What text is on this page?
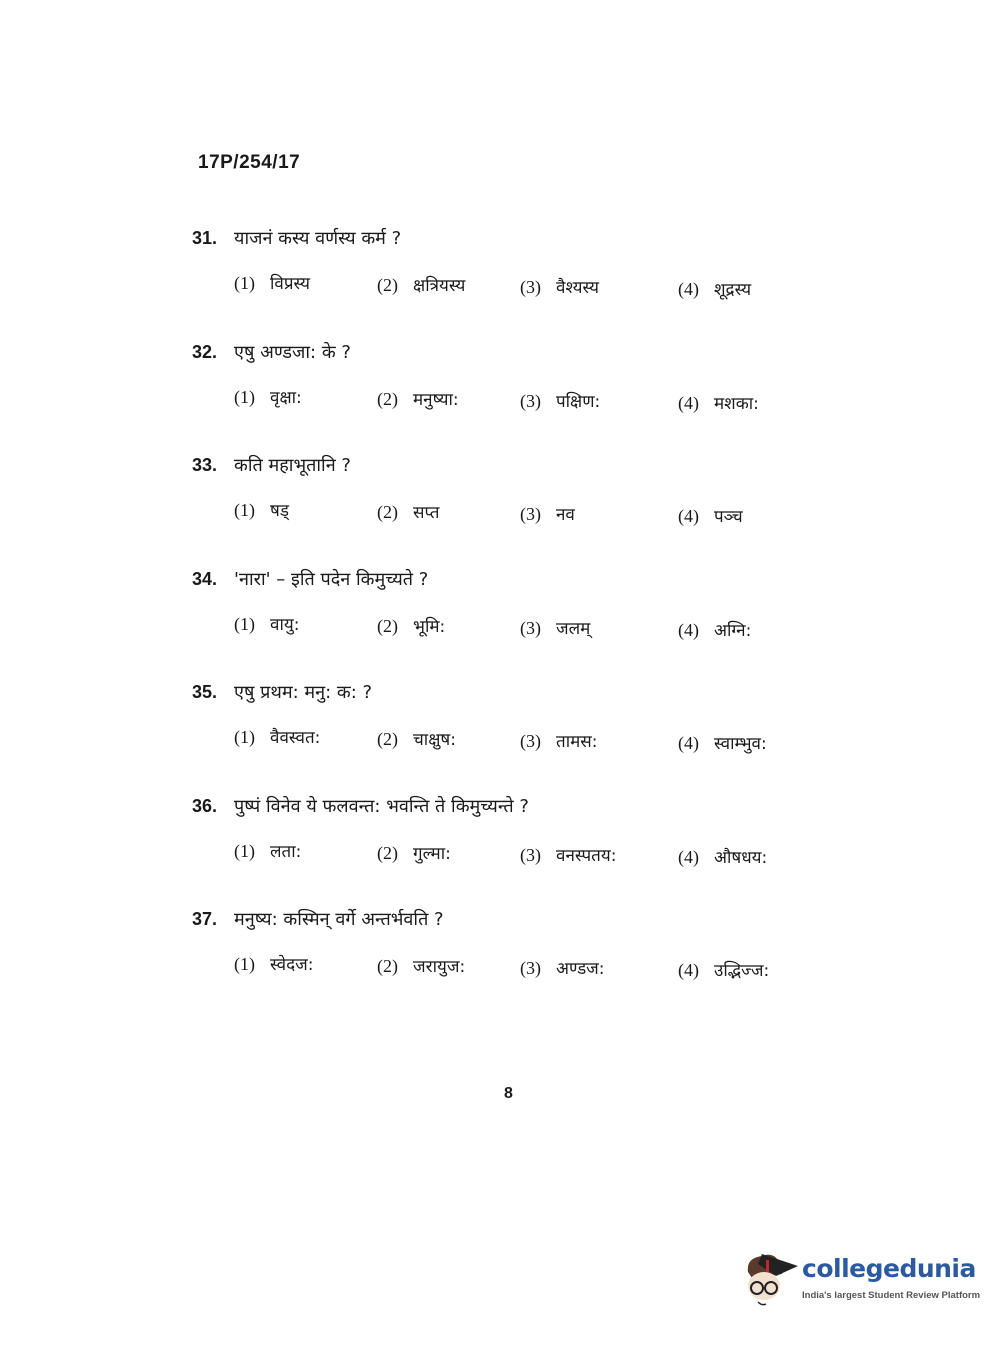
17P/254/17
31. याजनं कस्य वर्णस्य कर्म ?
(1) विप्रस्य	(2) क्षत्रियस्य	(3) वैश्यस्य	(4) शूद्रस्य
32. एषु अण्डजा: के ?
(1) वृक्षा:	(2) मनुष्या:	(3) पक्षिण:	(4) मशका:
33. कति महाभूतानि ?
(1) षड्	(2) सप्त	(3) नव	(4) पञ्च
34. 'नारा' – इति पदेन किमुच्यते ?
(1) वायु:	(2) भूमि:	(3) जलम्	(4) अग्नि:
35. एषु प्रथम: मनु: क: ?
(1) वैवस्वत:	(2) चाक्षुष:	(3) तामस:	(4) स्वाम्भुव:
36. पुष्पं विनेव ये फलवन्त: भवन्ति ते किमुच्यन्ते ?
(1) लता:	(2) गुल्मा:	(3) वनस्पतय:	(4) औषधय:
37. मनुष्य: कस्मिन् वर्गे अन्तर्भवति ?
(1) स्वेदज:	(2) जरायुज:	(3) अण्डज:	(4) उद्भिज्ज:
8
collegedunia
India's largest Student Review Platform
